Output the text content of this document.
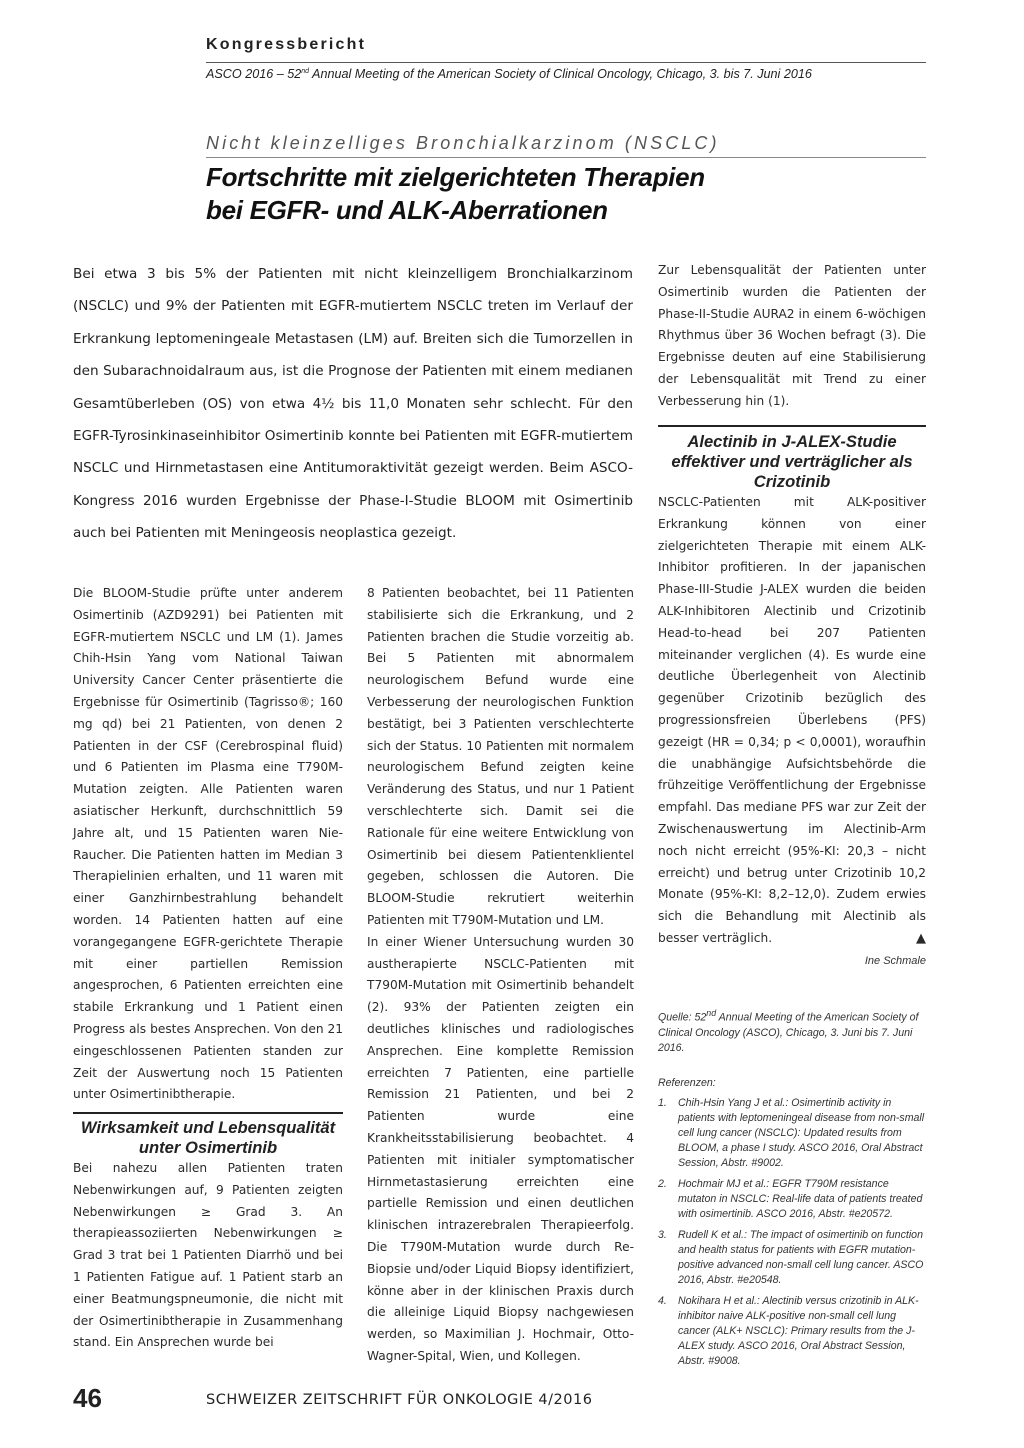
Kongressbericht
ASCO 2016 – 52nd Annual Meeting of the American Society of Clinical Oncology, Chicago, 3. bis 7. Juni 2016
Nicht kleinzelliges Bronchialkarzinom (NSCLC)
Fortschritte mit zielgerichteten Therapien
bei EGFR- und ALK-Aberrationen
Bei etwa 3 bis 5% der Patienten mit nicht kleinzelligem Bronchialkarzinom (NSCLC) und 9% der Patienten mit EGFR-mutiertem NSCLC treten im Verlauf der Erkrankung leptomeningeale Metastasen (LM) auf. Breiten sich die Tumorzellen in den Subarachnoidalraum aus, ist die Prognose der Patienten mit einem medianen Gesamtüberleben (OS) von etwa 4½ bis 11,0 Monaten sehr schlecht. Für den EGFR-Tyrosinkinaseinhibitor Osimertinib konnte bei Patienten mit EGFR-mutiertem NSCLC und Hirnmetastasen eine Antitumoraktivität gezeigt werden. Beim ASCO-Kongress 2016 wurden Ergebnisse der Phase-I-Studie BLOOM mit Osimertinib auch bei Patienten mit Meningeosis neoplastica gezeigt.

Die BLOOM-Studie prüfte unter anderem Osimertinib (AZD9291) bei Patienten mit EGFR-mutiertem NSCLC und LM (1). James Chih-Hsin Yang vom National Taiwan University Cancer Center präsentierte die Ergebnisse für Osimertinib (Tagrisso®; 160 mg qd) bei 21 Patienten, von denen 2 Patienten in der CSF (Cerebrospinal fluid) und 6 Patienten im Plasma eine T790M-Mutation zeigten. Alle Patienten waren asiatischer Herkunft, durchschnittlich 59 Jahre alt, und 15 Patienten waren Nie-Raucher. Die Patienten hatten im Median 3 Therapielinien erhalten, und 11 waren mit einer Ganzhirnbestrahlung behandelt worden. 14 Patienten hatten auf eine vorangegangene EGFR-gerichtete Therapie mit einer partiellen Remission angesprochen, 6 Patienten erreichten eine stabile Erkrankung und 1 Patient einen Progress als bestes Ansprechen. Von den 21 eingeschlossenen Patienten standen zur Zeit der Auswertung noch 15 Patienten unter Osimertinibtherapie.

Wirksamkeit und Lebensqualität unter Osimertinib

Bei nahezu allen Patienten traten Nebenwirkungen auf, 9 Patienten zeigten Nebenwirkungen ≥ Grad 3. An therapieassoziierten Nebenwirkungen ≥ Grad 3 trat bei 1 Patienten Diarrhö und bei 1 Patienten Fatigue auf. 1 Patient starb an einer Beatmungspneumonie, die nicht mit der Osimertinibtherapie in Zusammenhang stand. Ein Ansprechen wurde bei

8 Patienten beobachtet, bei 11 Patienten stabilisierte sich die Erkrankung, und 2 Patienten brachen die Studie vorzeitig ab. Bei 5 Patienten mit abnormalem neurologischem Befund wurde eine Verbesserung der neurologischen Funktion bestätigt, bei 3 Patienten verschlechterte sich der Status. 10 Patienten mit normalem neurologischem Befund zeigten keine Veränderung des Status, und nur 1 Patient verschlechterte sich. Damit sei die Rationale für eine weitere Entwicklung von Osimertinib bei diesem Patientenklientel gegeben, schlossen die Autoren. Die BLOOM-Studie rekrutiert weiterhin Patienten mit T790M-Mutation und LM.

In einer Wiener Untersuchung wurden 30 austherapierte NSCLC-Patienten mit T790M-Mutation mit Osimertinib behandelt (2). 93% der Patienten zeigten ein deutliches klinisches und radiologisches Ansprechen. Eine komplette Remission erreichten 7 Patienten, eine partielle Remission 21 Patienten, und bei 2 Patienten wurde eine Krankheitsstabilisierung beobachtet. 4 Patienten mit initialer symptomatischer Hirnmetastasierung erreichten eine partielle Remission und einen deutlichen klinischen intrazerebralen Therapieerfolg. Die T790M-Mutation wurde durch Re-Biopsie und/oder Liquid Biopsy identifiziert, könne aber in der klinischen Praxis durch die alleinige Liquid Biopsy nachgewiesen werden, so Maximilian J. Hochmair, Otto-Wagner-Spital, Wien, und Kollegen.

Zur Lebensqualität der Patienten unter Osimertinib wurden die Patienten der Phase-II-Studie AURA2 in einem 6-wöchigen Rhythmus über 36 Wochen befragt (3). Die Ergebnisse deuten auf eine Stabilisierung der Lebensqualität mit Trend zu einer Verbesserung hin (1).

Alectinib in J-ALEX-Studie effektiver und verträglicher als Crizotinib

NSCLC-Patienten mit ALK-positiver Erkrankung können von einer zielgerichteten Therapie mit einem ALK-Inhibitor profitieren. In der japanischen Phase-III-Studie J-ALEX wurden die beiden ALK-Inhibitoren Alectinib und Crizotinib Head-to-head bei 207 Patienten miteinander verglichen (4). Es wurde eine deutliche Überlegenheit von Alectinib gegenüber Crizotinib bezüglich des progressionsfreien Überlebens (PFS) gezeigt (HR = 0,34; p < 0,0001), woraufhin die unabhängige Aufsichtsbehörde die frühzeitige Veröffentlichung der Ergebnisse empfahl. Das mediane PFS war zur Zeit der Zwischenauswertung im Alectinib-Arm noch nicht erreicht (95%-KI: 20,3 – nicht erreicht) und betrug unter Crizotinib 10,2 Monate (95%-KI: 8,2–12,0). Zudem erwies sich die Behandlung mit Alectinib als besser verträglich.	▲

Ine Schmale
Quelle: 52nd Annual Meeting of the American Society of Clinical Oncology (ASCO), Chicago, 3. Juni bis 7. Juni 2016.
Referenzen:
1. Chih-Hsin Yang J et al.: Osimertinib activity in patients with leptomeningeal disease from non-small cell lung cancer (NSCLC): Updated results from BLOOM, a phase I study. ASCO 2016, Oral Abstract Session, Abstr. #9002.
2. Hochmair MJ et al.: EGFR T790M resistance mutaton in NSCLC: Real-life data of patients treated with osimertinib. ASCO 2016, Abstr. #e20572.
3. Rudell K et al.: The impact of osimertinib on function and health status for patients with EGFR mutation-positive advanced non-small cell lung cancer. ASCO 2016, Abstr. #e20548.
4. Nokihara H et al.: Alectinib versus crizotinib in ALK-inhibitor naive ALK-positive non-small cell lung cancer (ALK+ NSCLC): Primary results from the J-ALEX study. ASCO 2016, Oral Abstract Session, Abstr. #9008.
46	SCHWEIZER ZEITSCHRIFT FÜR ONKOLOGIE 4/2016
